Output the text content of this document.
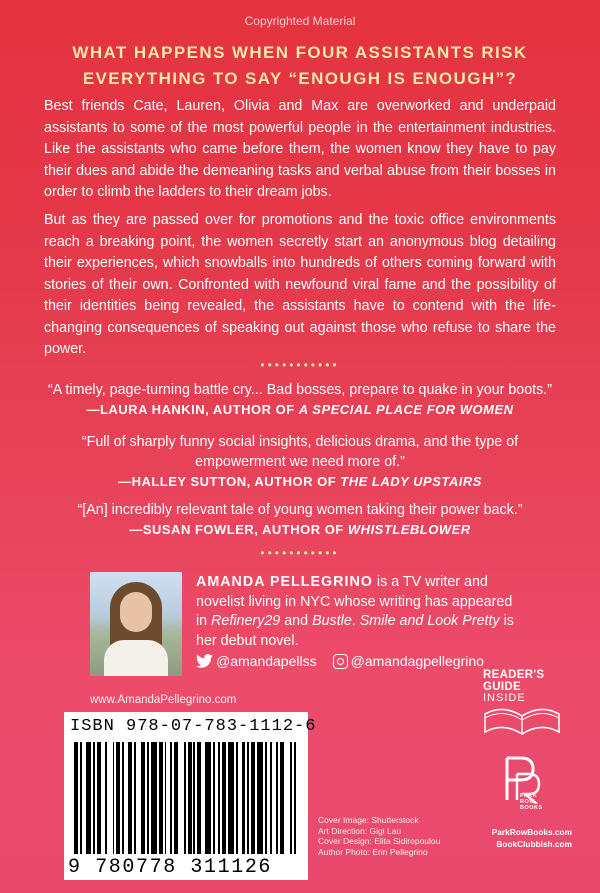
Copyrighted Material
WHAT HAPPENS WHEN FOUR ASSISTANTS RISK EVERYTHING TO SAY “ENOUGH IS ENOUGH”?
Best friends Cate, Lauren, Olivia and Max are overworked and underpaid assistants to some of the most powerful people in the entertainment industries. Like the assistants who came before them, the women know they have to pay their dues and abide the demeaning tasks and verbal abuse from their bosses in order to climb the ladders to their dream jobs.
But as they are passed over for promotions and the toxic office environments reach a breaking point, the women secretly start an anonymous blog detailing their experiences, which snowballs into hundreds of others coming forward with stories of their own. Confronted with newfound viral fame and the possibility of their identities being revealed, the assistants have to contend with the life-changing consequences of speaking out against those who refuse to share the power.
•••••••••••
“A timely, page-turning battle cry... Bad bosses, prepare to quake in your boots.”
—LAURA HANKIN, AUTHOR OF A SPECIAL PLACE FOR WOMEN
“Full of sharply funny social insights, delicious drama, and the type of empowerment we need more of.”
—HALLEY SUTTON, AUTHOR OF THE LADY UPSTAIRS
“[An] incredibly relevant tale of young women taking their power back.”
—SUSAN FOWLER, AUTHOR OF WHISTLEBLOWER
•••••••••••
AMANDA PELLEGRINO is a TV writer and novelist living in NYC whose writing has appeared in Refinery29 and Bustle. Smile and Look Pretty is her debut novel.
@amandapellss @amandagpellegrino
www.AmandaPellegrino.com
ISBN 978-07-783-1112-6
9 780778 311126
Cover Image: Shutterstock
Art Direction: Gigi Lau
Cover Design: Elita Sidiropoulou
Author Photo: Erin Pellegrino
READER'S
GUIDE
INSIDE
PARK
ROW
BOOKS
ParkRowBooks.com
BookClubbish.com
